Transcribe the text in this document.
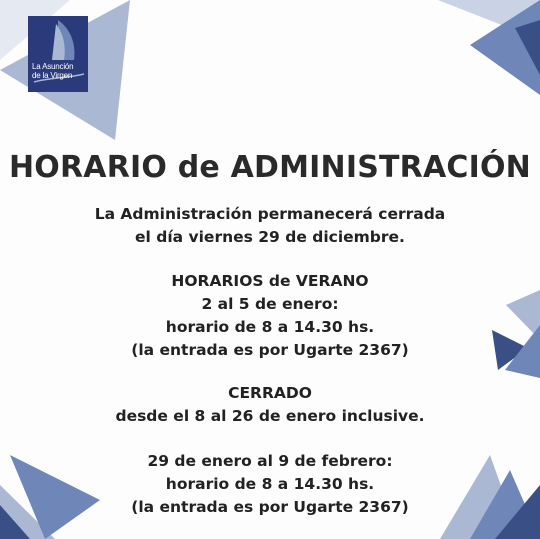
La Asunción
de la Virgen
HORARIO de ADMINISTRACIÓN

La Administración permanecerá cerrada

el día viernes 29 de diciembre.

HORARIOS de VERANO

2 al 5 de enero:

horario de 8 a 14.30 hs.

(la entrada es por Ugarte 2367)

CERRADO

desde el 8 al 26 de enero inclusive.

29 de enero al 9 de febrero:

horario de 8 a 14.30 hs.

(la entrada es por Ugarte 2367)
